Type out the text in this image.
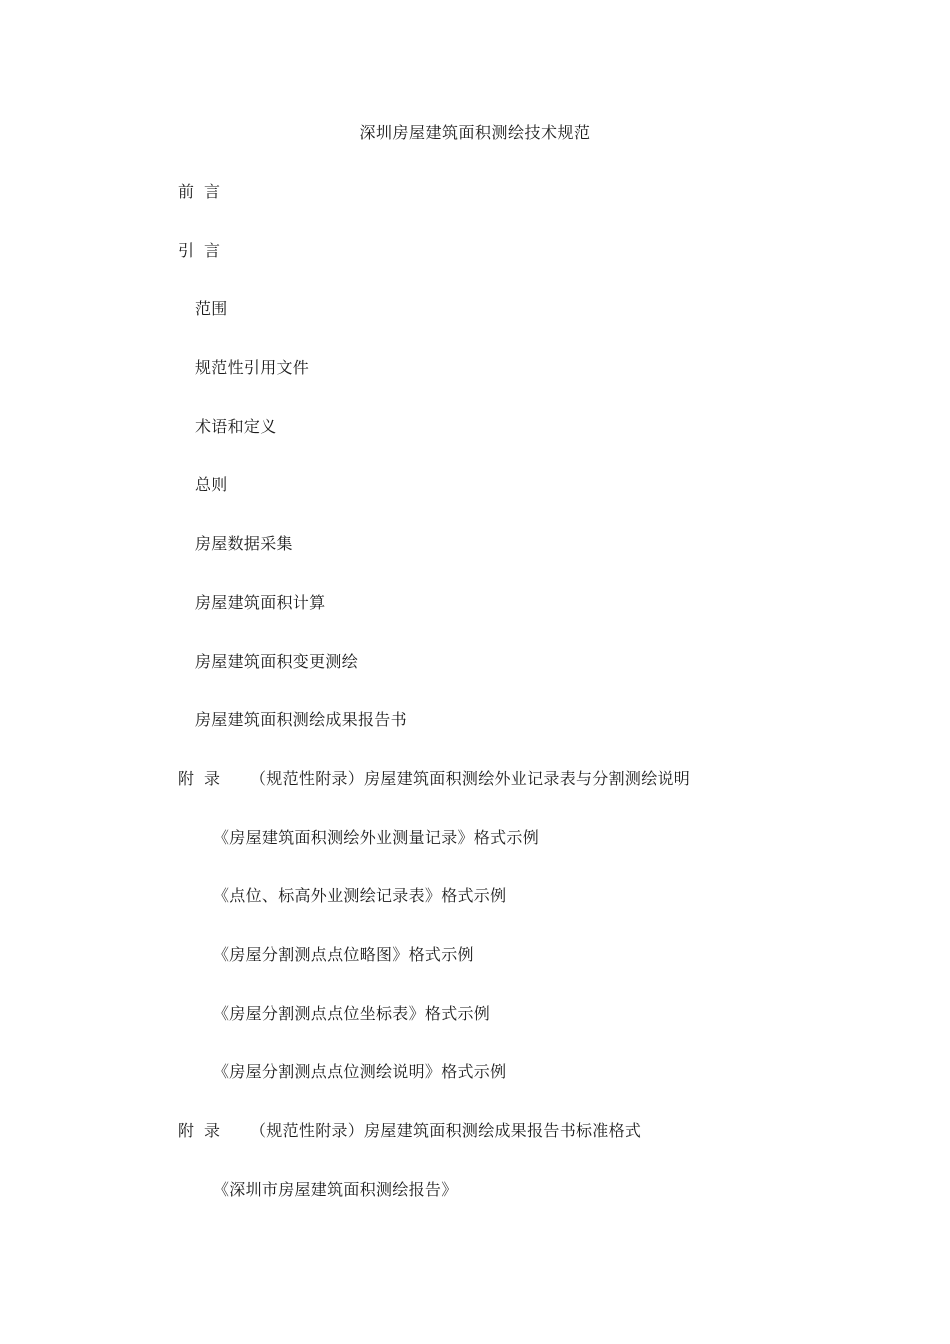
深圳房屋建筑面积测绘技术规范
前言
引言
范围
规范性引用文件
术语和定义
总则
房屋数据采集
房屋建筑面积计算
房屋建筑面积变更测绘
房屋建筑面积测绘成果报告书
附录 （规范性附录）房屋建筑面积测绘外业记录表与分割测绘说明
《房屋建筑面积测绘外业测量记录》格式示例
《点位、标高外业测绘记录表》格式示例
《房屋分割测点点位略图》格式示例
《房屋分割测点点位坐标表》格式示例
《房屋分割测点点位测绘说明》格式示例
附录 （规范性附录）房屋建筑面积测绘成果报告书标准格式
《深圳市房屋建筑面积测绘报告》
